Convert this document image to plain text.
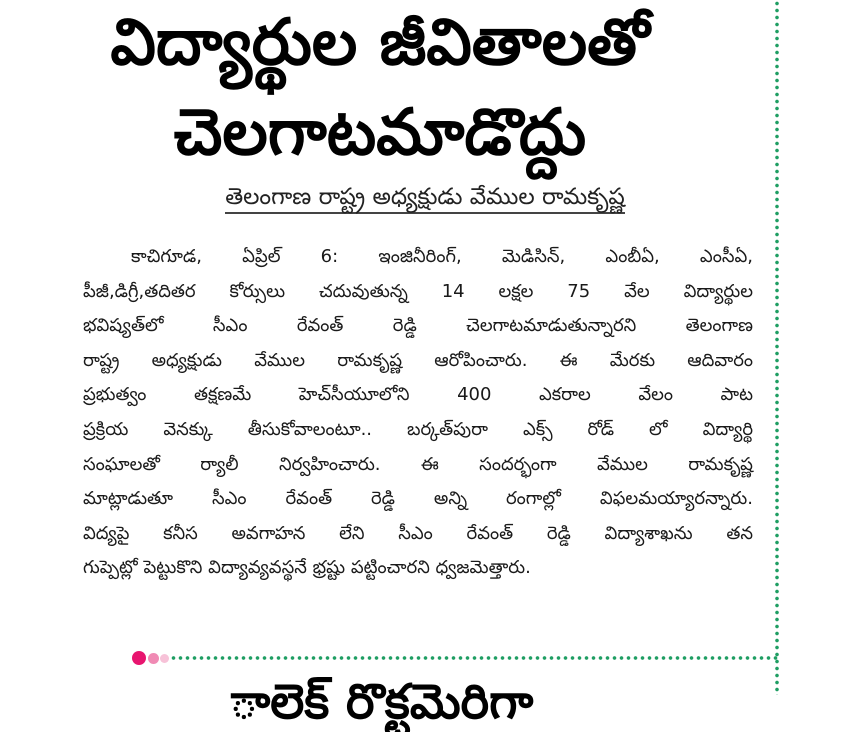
విద్యార్థుల జీవితాలతో
చెలగాటమాడొద్దు
తెలంగాణ రాష్ట్ర అధ్యక్షుడు వేముల రామకృష్ణ
కాచిగూడ, ఏప్రిల్ 6: ఇంజినీరింగ్, మెడిసిన్, ఎంబీఏ, ఎంసీఏ,
పీజీ,డిగ్రీ,తదితర కోర్సులు చదువుతున్న 14 లక్షల 75 వేల విద్యార్థుల
భవిష్యత్‌లో సీఎం రేవంత్ రెడ్డి చెలగాటమాడుతున్నారని తెలంగాణ
రాష్ట్ర అధ్యక్షుడు వేముల రామకృష్ణ ఆరోపించారు. ఈ మేరకు ఆదివారం
ప్రభుత్వం తక్షణమే హెచ్‌సీయూలోని 400 ఎకరాల వేలం పాట
ప్రక్రియ వెనక్కు తీసుకోవాలంటూ.. బర్కత్‌పురా ఎక్స్ రోడ్ లో విద్యార్థి
సంఘాలతో ర్యాలీ నిర్వహించారు. ఈ సందర్భంగా వేముల రామకృష్ణ
మాట్లాడుతూ సీఎం రేవంత్ రెడ్డి అన్ని రంగాల్లో విఫలమయ్యారన్నారు.
విద్యపై కనీస అవగాహన లేని సీఎం రేవంత్ రెడ్డి విద్యాశాఖను తన
గుప్పెట్లో పెట్టుకొని విద్యావ్యవస్థనే భ్రష్టు పట్టించారని ధ్వజమెత్తారు.
ాలెక్ రొక్టమెరిగా
